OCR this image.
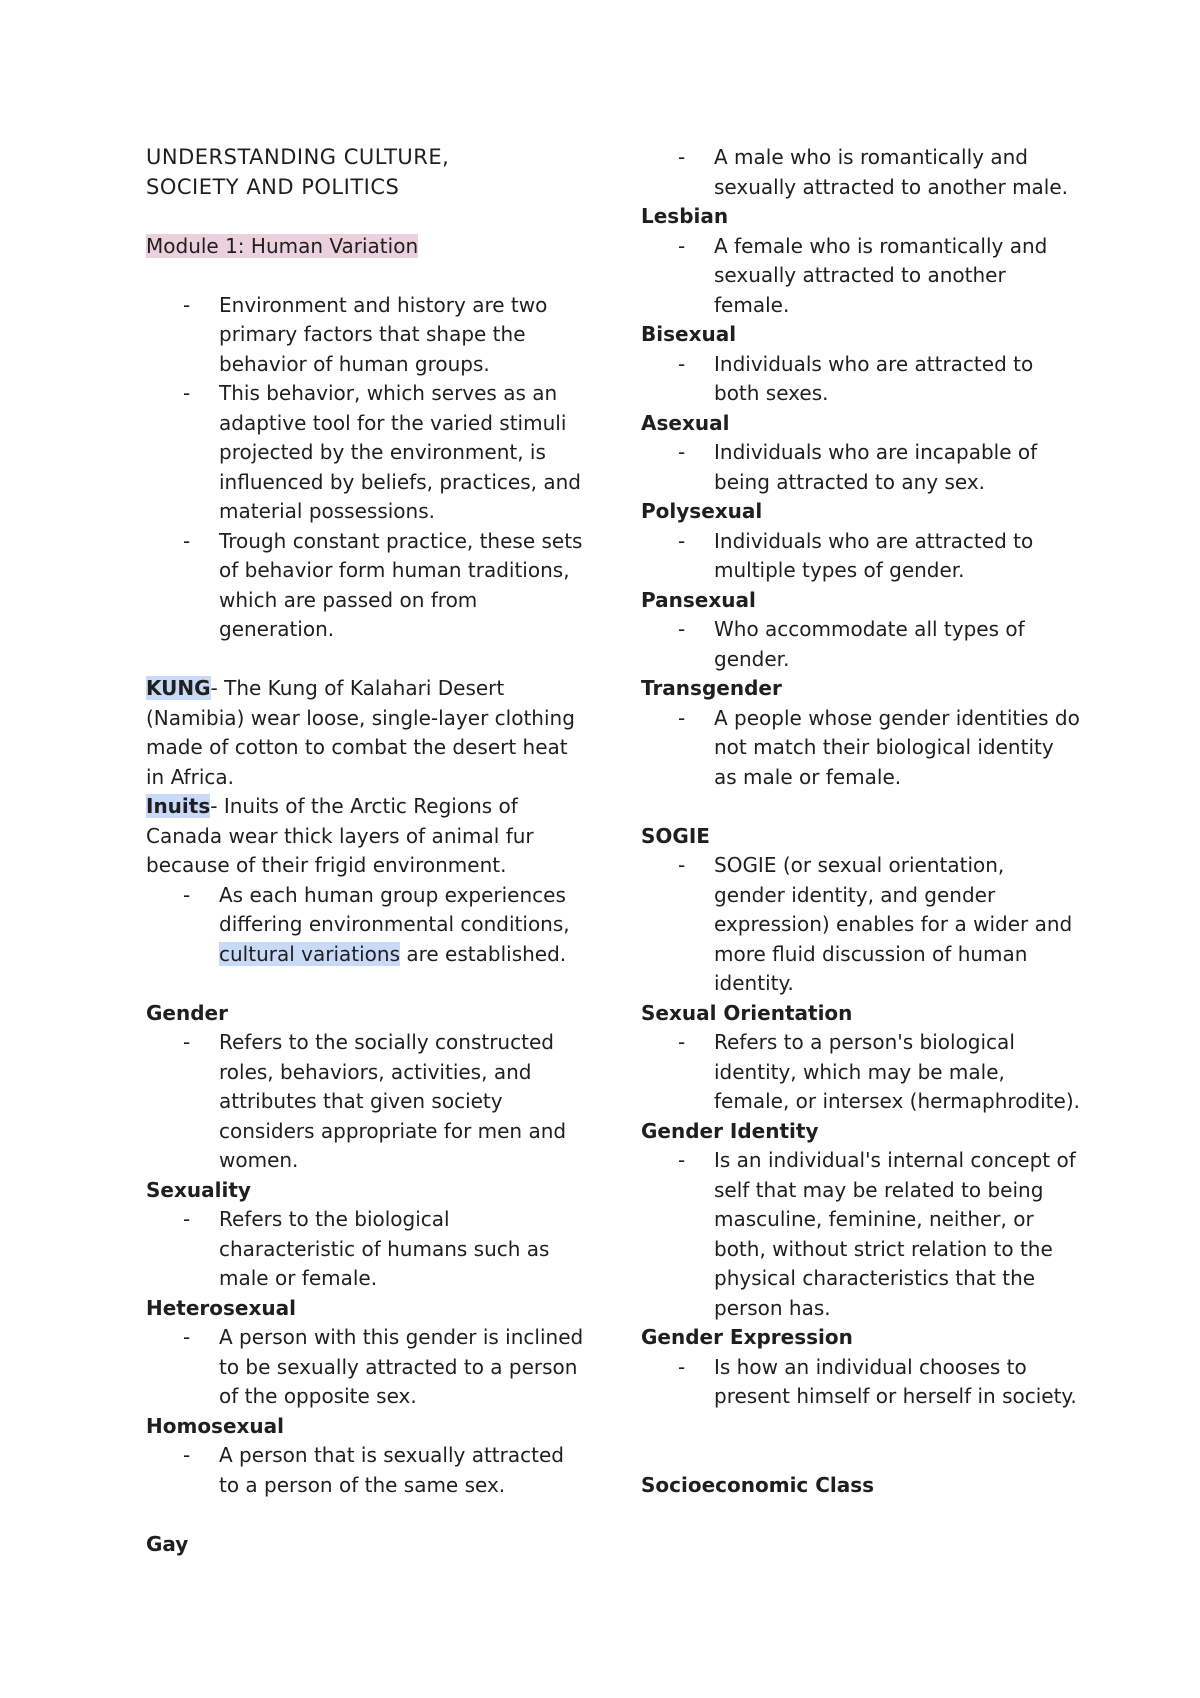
UNDERSTANDING CULTURE,
SOCIETY AND POLITICS
Module 1: Human Variation
- Environment and history are two primary factors that shape the behavior of human groups.
- This behavior, which serves as an adaptive tool for the varied stimuli projected by the environment, is influenced by beliefs, practices, and material possessions.
- Trough constant practice, these sets of behavior form human traditions, which are passed on from generation.
KUNG- The Kung of Kalahari Desert (Namibia) wear loose, single-layer clothing made of cotton to combat the desert heat in Africa.
Inuits- Inuits of the Arctic Regions of Canada wear thick layers of animal fur because of their frigid environment.
- As each human group experiences differing environmental conditions, cultural variations are established.
Gender
- Refers to the socially constructed roles, behaviors, activities, and attributes that given society considers appropriate for men and women.
Sexuality
- Refers to the biological characteristic of humans such as male or female.
Heterosexual
- A person with this gender is inclined to be sexually attracted to a person of the opposite sex.
Homosexual
- A person that is sexually attracted to a person of the same sex.
Gay
- A male who is romantically and sexually attracted to another male.
Lesbian
- A female who is romantically and sexually attracted to another female.
Bisexual
- Individuals who are attracted to both sexes.
Asexual
- Individuals who are incapable of being attracted to any sex.
Polysexual
- Individuals who are attracted to multiple types of gender.
Pansexual
- Who accommodate all types of gender.
Transgender
- A people whose gender identities do not match their biological identity as male or female.
SOGIE
- SOGIE (or sexual orientation, gender identity, and gender expression) enables for a wider and more fluid discussion of human identity.
Sexual Orientation
- Refers to a person's biological identity, which may be male, female, or intersex (hermaphrodite).
Gender Identity
- Is an individual's internal concept of self that may be related to being masculine, feminine, neither, or both, without strict relation to the physical characteristics that the person has.
Gender Expression
- Is how an individual chooses to present himself or herself in society.
Socioeconomic Class
